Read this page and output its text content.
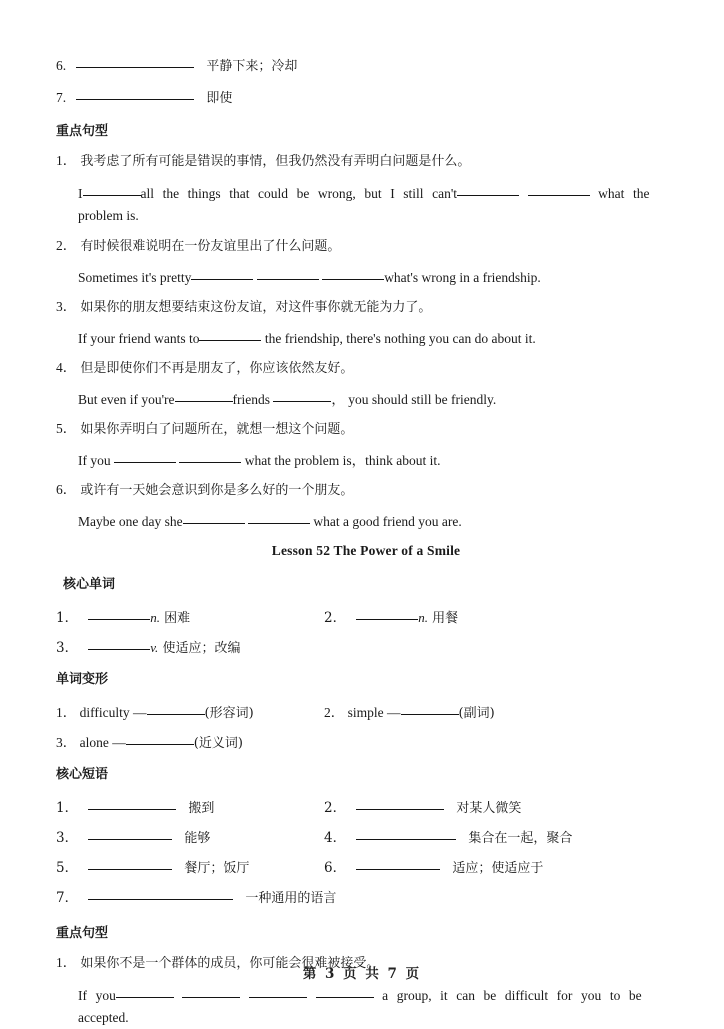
6.	平静下来；冷却
7.	即使
重点句型
1． 我考虑了所有可能是错误的事情，但我仍然没有弄明白问题是什么。
I	all the things that could be wrong, but I still can't	what the
problem is.
2． 有时候很难说明在一份友谊里出了什么问题。
Sometimes it's pretty	what's wrong in a friendship.
3． 如果你的朋友想要结束这份友谊，对这件事你就无能为力了。
If your friend wants to	the friendship, there's nothing you can do about it.
4． 但是即使你们不再是朋友了，你应该依然友好。
But even if you're	friends	， you should still be friendly.
5． 如果你弄明白了问题所在，就想一想这个问题。
If you	what the problem is，think about it.
6． 或许有一天她会意识到你是多么好的一个朋友。
Maybe one day she	what a good friend you are.
Lesson 52 The Power of a Smile
核心单词
1．	n. 困难	2．	n. 用餐
3．	v. 使适应；改编
单词变形
1． difficulty —	(形容词)	2． simple —	(副词)
3． alone —	(近义词)
核心短语
1．	搬到	2．	对某人微笑
3．	能够	4．	集合在一起，聚合
5．	餐厅；饭厅	6．	适应；使适应于
7．	一种通用的语言
重点句型
1． 如果你不是一个群体的成员，你可能会很难被接受。
If you	a group, it can be difficult for you to be
accepted.
第 3 页 共 7 页
